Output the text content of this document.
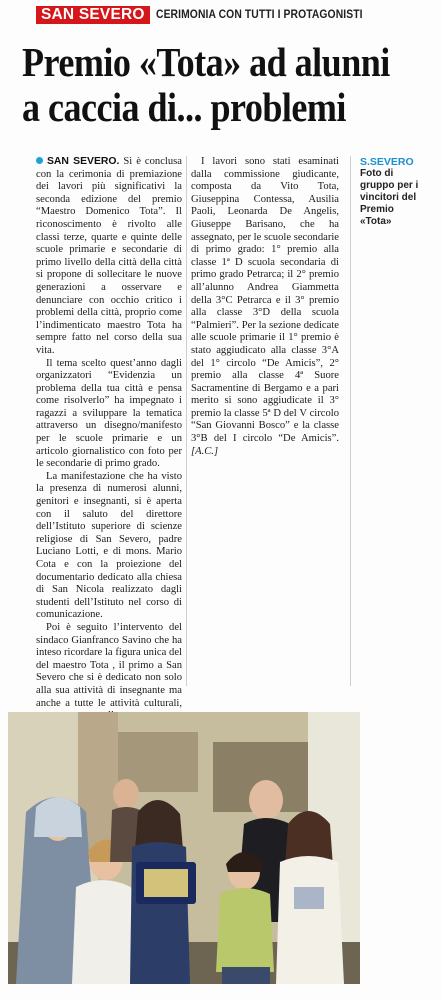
SAN SEVERO CERIMONIA CON TUTTI I PROTAGONISTI
Premio «Tota» ad alunni
a caccia di... problemi

SAN SEVERO. Si è conclusa con la cerimonia di premiazione dei lavori più significativi la seconda edizione del premio “Maestro Domenico Tota”. Il riconoscimento è rivolto alle classi terze, quarte e quinte delle scuole primarie e secondarie di primo livello della città della città si propone di sollecitare le nuove generazioni a osservare e denunciare con occhio critico i problemi della città, proprio come l’indimenticato maestro Tota ha sempre fatto nel corso della sua vita.

Il tema scelto quest’anno dagli organizzatori “Evidenzia un problema della tua città e pensa come risolverlo” ha impegnato i ragazzi a sviluppare la tematica attraverso un disegno/manifesto per le scuole primarie e un articolo giornalistico con foto per le secondarie di primo grado.

La manifestazione che ha visto la presenza di numerosi alunni, genitori e insegnanti, si è aperta con il saluto del direttore dell’Istituto superiore di scienze religiose di San Severo, padre Luciano Lotti, e di mons. Mario Cota e con la proiezione del documentario dedicato alla chiesa di San Nicola realizzato dagli studenti dell’Istituto nel corso di comunicazione.

Poi è seguito l’intervento del sindaco Gianfranco Savino che ha inteso ricordare la figura unica del del maestro Tota , il primo a San Severo che si è dedicato non solo alla sua attività di insegnante ma anche a tutte le attività culturali,

I lavori sono stati esaminati dalla commissione giudicante, composta da Vito Tota, Giuseppina Contessa, Ausilia Paoli, Leonarda De Angelis, Giuseppe Barisano, che ha assegnato, per le scuole secondarie di primo grado: 1° premio alla classe 1ª D scuola secondaria di primo grado Petrarca; il 2° premio all’alunno Andrea Giammetta della 3°C Petrarca e il 3° premio alla classe 3°D della scuola “Palmieri”. Per la sezione dedicate alle scuole primarie il 1° premio è stato aggiudicato alla classe 3°A del 1° circolo “De Amicis”, 2° premio alla classe 4ª Suore Sacramentine di Bergamo e a pari merito si sono aggiudicate il 3° premio la classe 5ª D del V circolo “San Giovanni Bosco” e la classe 3°B del I circolo “De Amicis”. [A.C.]

S.SEVERO
Foto di gruppo per i vincitori del Premio «Tota»
